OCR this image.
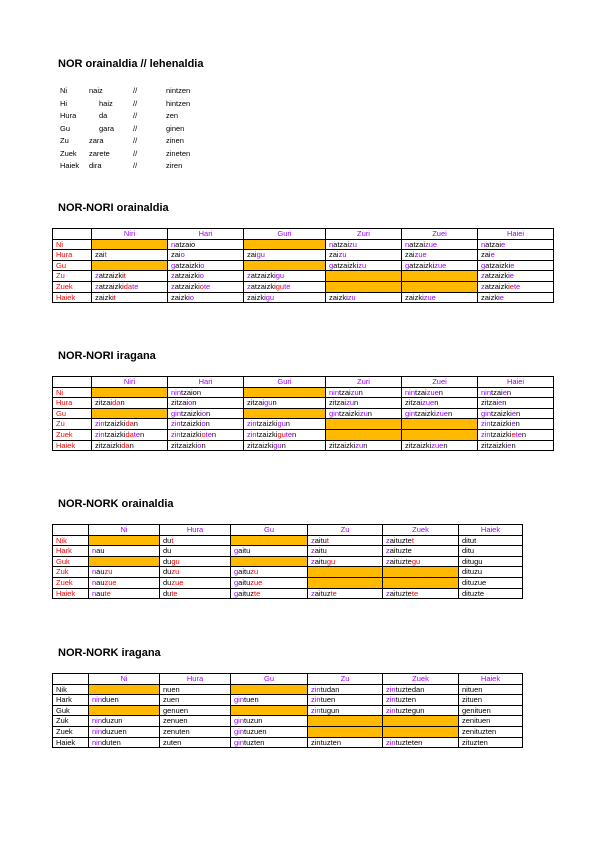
NOR orainaldia // lehenaldia
Ni	naiz	//	nintzen
Hi	haiz	//	hintzen
Hura	da	//	zen
Gu	gara	//	ginen
Zu	zara	//	zinen
Zuek	zarete	//	zineten
Haiek	dira	//	ziren
NOR-NORI orainaldia
	Niri	Hari	Guri	Zuri	Zuei	Haiei
Ni		natzaio		natzaizu	natzaizue	natzaie
Hura	zait	zaio	zaigu	zaizu	zaizue	zaie
Gu		gatzaizkio		gatzaizkizu	gatzaizkizue	gatzaizkie
Zu	zatzaizkit	zatzaizkio	zatzaizkigu			zatzaizkie
Zuek	zatzaizkidate	zatzaizkiote	zatzaizkigute			zatzaizkiete
Haiek	zaizkit	zaizkio	zaizkigu	zaizkizu	zaizkizue	zaizkie
NOR-NORI iragana
	Niri	Hari	Guri	Zuri	Zuei	Haiei
Ni		nintzaion		nintzaizun	nintzaizuen	nintzaien
Hura	zitzaidan	zitzaion	zitzaigun	zitzaizun	zitzaizuen	zitzaien
Gu		gintzaizkion		gintzaizkizun	gintzaizkizuen	gintzaizkien
Zu	zintzaizkidan	zintzaizkion	zintzaizkigun			zintzaizkien
Zuek	zintzaizkidaten	zintzaizkioten	zintzaizkiguten			zintzaizkieten
Haiek	zitzaizkidan	zitzaizkion	zitzaizkigun	zitzaizkizun	zitzaizkizuen	zitzaizkien
NOR-NORK orainaldia
	Ni	Hura	Gu	Zu	Zuek	Haiek
Nik		dut		zaitut	zaituztet	ditut
Hark	nau	du	gaitu	zaitu	zaituzte	ditu
Guk		dugu		zaitugu	zaituztegu	ditugu
Zuk	nauzu	duzu	gaituzu			dituzu
Zuek	nauzue	duzue	gaituzue			dituzue
Haiek	naute	dute	gaituzte	zaituzte	zaituztete	dituzte
NOR-NORK iragana
	Ni	Hura	Gu	Zu	Zuek	Haiek
Nik		nuen		zintudan	zintuztedan	nituen
Hark	ninduen	zuen	gintuen	zintuen	zintuzten	zituen
Guk		genuen		zintugun	zintuztegun	genituen
Zuk	ninduzun	zenuen	gintuzun			zenituen
Zuek	ninduzuen	zenuten	gintuzuen			zenituzten
Haiek	ninduten	zuten	gintuzten	zintuzten	zintuzteten	zituzten
